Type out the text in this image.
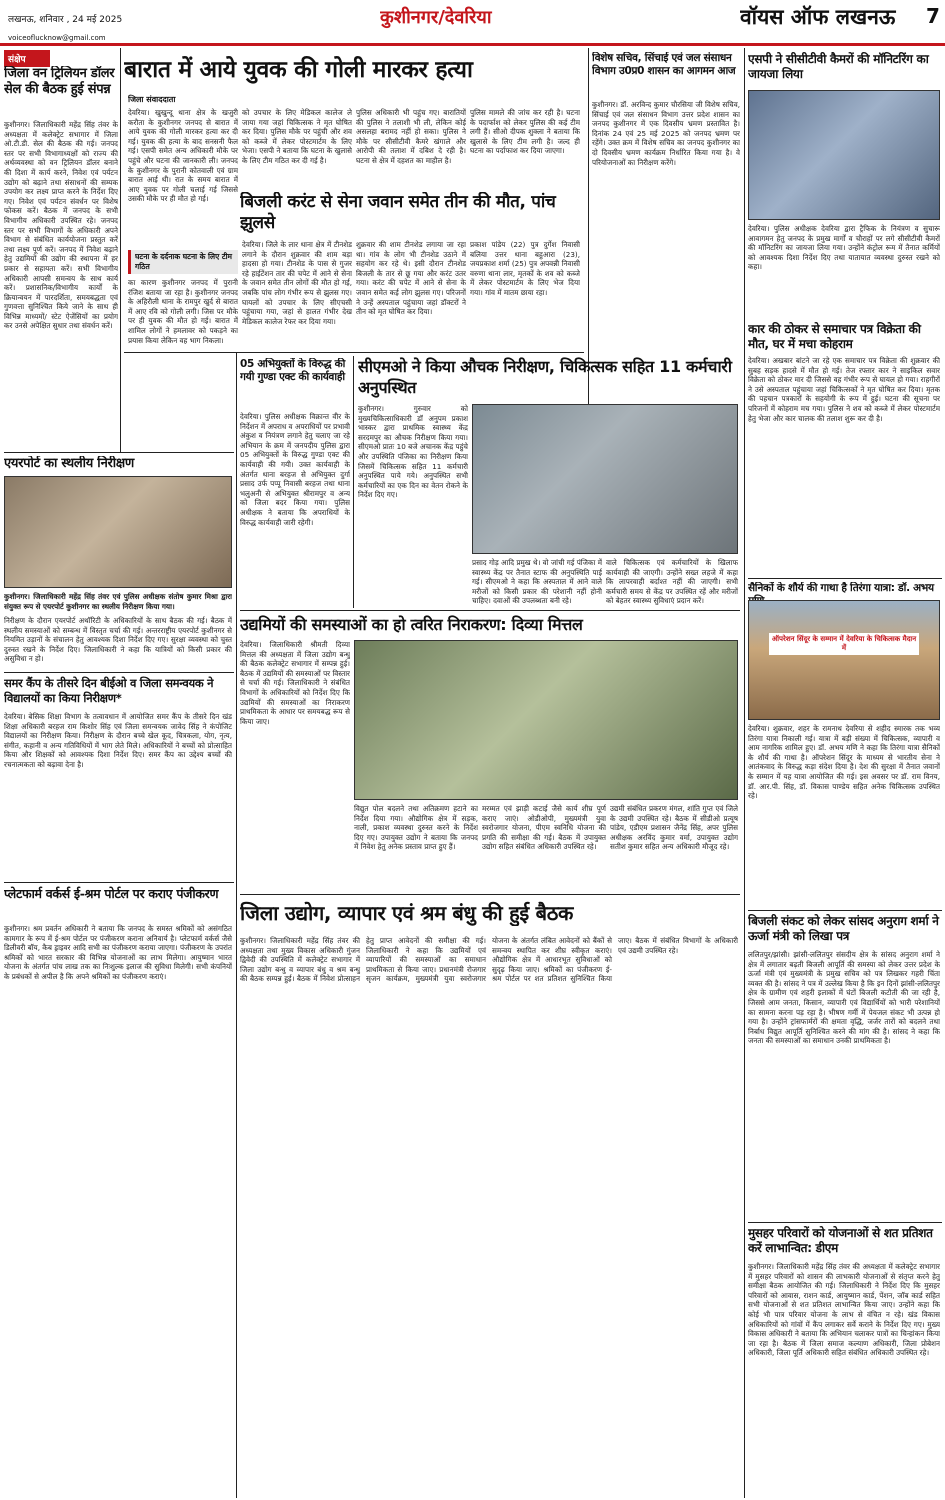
लखनऊ, शनिवार , 24 मई 2025	कुशीनगर/देवरिया	वॉयस ऑफ लखनऊ	7
voiceoflucknow@gmail.com
संक्षेप
जिला वन ट्रिलियन डॉलर सेल की बैठक हुई संपन्न
कुशीनगर। जिलाधिकारी महेंद्र सिंह तंवर के अध्यक्षता में कलेक्ट्रेट सभागार में जिला ओ.टी.डी. सेल की बैठक की गई। जनपद स्तर पर सभी विभागाध्यक्षों को राज्य की अर्थव्यवस्था को वन ट्रिलियन डॉलर बनाने की दिशा में कार्य करने, निवेश एवं पर्यटन उद्योग को बढ़ाने तथा संसाधनों की सम्यक उपयोग कर लक्ष्य प्राप्त करने के निर्देश दिए गए। निवेश एवं पर्यटन संवर्धन पर विशेष फोकस करें। बैठक में जनपद के सभी विभागीय अधिकारी उपस्थित रहे। जनपद स्तर पर सभी विभागों के अधिकारी अपने विभाग से संबंधित कार्ययोजना प्रस्तुत करें तथा लक्ष्य पूर्ण करें। जनपद में निवेश बढ़ाने हेतु उद्यमियों की उद्योग की स्थापना में हर प्रकार से सहायता करें। सभी विभागीय अधिकारी आपसी समन्वय के साथ कार्य करें। प्रशासनिक/विभागीय कार्यों के क्रियान्वयन में पारदर्शिता, समयबद्धता एवं गुणवत्ता सुनिश्चित किये जाने के साथ ही विभिन्न माध्यमों/ स्टेट ऐजेंसियों का प्रयोग कर उनसे अपेक्षित सुधार तथा संवर्धन करें।
बारात में आये युवक की गोली मारकर हत्या
जिला संवाददाता
देवरिया। खुखुन्दू थाना क्षेत्र के खजुरी करौता के कुशीनगर जनपद से बारात में आये युवक की गोली मारकर हत्या कर दी गई। युवक की हत्या के बाद सनसनी फैल गई। एसपी समेत अन्य अधिकारी मौके पर पहुंचे और घटना की जानकारी ली। जनपद के कुशीनगर के पुरानी कोतवाली एवं ग्राम बारात आई थी। रात के समय बारात में आए युवक पर गोली चलाई गई जिससे उसकी मौके पर ही मौत हो गई।
घटना के दर्दनाक घटना के लिए टीम गठित
का कारण कुशीनगर जनपद में पुरानी रंजिश बताया जा रहा है। कुशीनगर जनपद के अहिरौली थाना के रामपुर खुर्द से बारात में आए रवि को गोली लगी। जिस पर मौके पर ही युवक की मौत हो गई। बारात में शामिल लोगों ने हमलावर को पकड़ने का प्रयास किया लेकिन वह भाग निकला।
को उपचार के लिए मेडिकल कालेज ले जाया गया जहां चिकित्सक ने मृत घोषित कर दिया। पुलिस मौके पर पहुंची और शव को कब्जे में लेकर पोस्टमार्टम के लिए भेजा। एसपी ने बताया कि घटना के खुलासे के लिए टीम गठित कर दी गई है।
पुलिस अधिकारी भी पहुंच गए। बारातियों की पुलिस ने तलाशी भी ली, लेकिन कोई असलहा बरामद नहीं हो सका। पुलिस ने मौके पर सीसीटीवी कैमरे खंगाले और आरोपी की तलाश में दबिश दे रही है। घटना से क्षेत्र में दहशत का माहौल है।
पुलिस मामले की जांच कर रही है। घटना के पदार्फाश को लेकर पुलिस की कई टीम लगी हैं। सीओ दीपक शुक्ला ने बताया कि खुलासे के लिए टीम लगी है। जल्द ही घटना का पर्दाफाश कर दिया जाएगा।
बिजली करंट से सेना जवान समेत तीन की मौत, पांच झुलसे
देवरिया। जिले के लार थाना क्षेत्र में टीनशेड लगाने के दौरान शुक्रवार की शाम बड़ा हादसा हो गया। टीनशेड के पास से गुजर रहे हाईटेंशन तार की चपेट में आने से सेना के जवान समेत तीन लोगों की मौत हो गई, जबकि पांच लोग गंभीर रूप से झुलस गए। घायलों को उपचार के लिए सीएचसी पहुंचाया गया, जहां से हालत गंभीर देख मेडिकल कालेज रेफर कर दिया गया।
शुक्रवार की शाम टीनशेड लगाया जा रहा था। गांव के लोग भी टीनशेड उठाने में सहयोग कर रहे थे। इसी दौरान टीनशेड बिजली के तार से छू गया और करंट उतर गया। करंट की चपेट में आने से सेना के जवान समेत कई लोग झुलस गए। परिजनों ने उन्हें अस्पताल पहुंचाया जहां डॉक्टरों ने तीन को मृत घोषित कर दिया।
प्रकाश पांडेय (22) पुत्र दुर्गेश निवासी बलिया उत्तर थाना बहुआरा (23), जयप्रकाश शर्मा (25) पुत्र अपवन्नी निवासी वरुणा थाना लार, मृतकों के शव को कब्जे में लेकर पोस्टमार्टम के लिए भेज दिया गया। गांव में मातम छाया रहा।
विशेष सचिव, सिंचाई एवं जल संसाधन विभाग उ0प्र0 शासन का आगमन आज
कुशीनगर। डॉ. अरविन्द कुमार चौरसिया जी विशेष सचिव, सिंचाई एवं जल संसाधन विभाग उत्तर प्रदेश शासन का जनपद कुशीनगर में एक दिवसीय भ्रमण प्रस्तावित है। दिनांक 24 एवं 25 मई 2025 को जनपद भ्रमण पर रहेंगे। उक्त क्रम में विशेष सचिव का जनपद कुशीनगर का दो दिवसीय भ्रमण कार्यक्रम निर्धारित किया गया है। वे परियोजनाओं का निरीक्षण करेंगे।
एसपी ने सीसीटीवी कैमरों की मॉनिटरिंग का जायजा लिया
देवरिया। पुलिस अधीक्षक देवरिया द्वारा ट्रैफिक के नियंत्रण व सुचारू आवागमन हेतु जनपद के प्रमुख मार्गों व चौराहों पर लगे सीसीटीवी कैमरों की मॉनिटरिंग का जायजा लिया गया। उन्होंने कंट्रोल रूम में तैनात कर्मियों को आवश्यक दिशा निर्देश दिए तथा यातायात व्यवस्था दुरुस्त रखने को कहा।
कार की ठोकर से समाचार पत्र विक्रेता की मौत, घर में मचा कोहराम
देवरिया। अखबार बांटने जा रहे एक समाचार पत्र विक्रेता की शुक्रवार की सुबह सड़क हादसे में मौत हो गई। तेज रफ्तार कार ने साइकिल सवार विक्रेता को ठोकर मार दी जिससे वह गंभीर रूप से घायल हो गया। राहगीरों ने उसे अस्पताल पहुंचाया जहां चिकित्सकों ने मृत घोषित कर दिया। मृतक की पहचान पत्रकारों के सहयोगी के रूप में हुई। घटना की सूचना पर परिजनों में कोहराम मच गया। पुलिस ने शव को कब्जे में लेकर पोस्टमार्टम हेतु भेजा और कार चालक की तलाश शुरू कर दी है।
सैनिकों के शौर्य की गाथा है तिरंगा यात्रा: डॉ. अभय
ऑपरेशन सिंदूर के सम्मान में देवरिया के चिकित्सक मैदान में
देवरिया। शुक्रवार, शहर के रामनाथ देवरिया से शहीद स्मारक तक भव्य तिरंगा यात्रा निकाली गई। यात्रा में बड़ी संख्या में चिकित्सक, व्यापारी व आम नागरिक शामिल हुए। डॉ. अभय मणि ने कहा कि तिरंगा यात्रा सैनिकों के शौर्य की गाथा है। ऑपरेशन सिंदूर के माध्यम से भारतीय सेना ने आतंकवाद के विरुद्ध कड़ा संदेश दिया है। देश की सुरक्षा में तैनात जवानों के सम्मान में यह यात्रा आयोजित की गई। इस अवसर पर डॉ. राम विनय, डॉ. आर.पी. सिंह, डॉ. विकास पाण्डेय सहित अनेक चिकित्सक उपस्थित रहे।
बिजली संकट को लेकर सांसद अनुराग शर्मा ने ऊर्जा मंत्री को लिखा पत्र
ललितपुर/झांसी। झांसी-ललितपुर संसदीय क्षेत्र के सांसद अनुराग शर्मा ने क्षेत्र में लगातार बढ़ती बिजली आपूर्ति की समस्या को लेकर उत्तर प्रदेश के ऊर्जा मंत्री एवं मुख्यमंत्री के प्रमुख सचिव को पत्र लिखकर गहरी चिंता व्यक्त की है। सांसद ने पत्र में उल्लेख किया है कि इन दिनों झांसी-ललितपुर क्षेत्र के ग्रामीण एवं शहरी इलाकों में घंटों बिजली कटौती की जा रही है, जिससे आम जनता, किसान, व्यापारी एवं विद्यार्थियों को भारी परेशानियों का सामना करना पड़ रहा है। भीषण गर्मी में पेयजल संकट भी उत्पन्न हो गया है। उन्होंने ट्रांसफार्मरों की क्षमता वृद्धि, जर्जर तारों को बदलने तथा निर्बाध विद्युत आपूर्ति सुनिश्चित करने की मांग की है। सांसद ने कहा कि जनता की समस्याओं का समाधान उनकी प्राथमिकता है।
मुसहर परिवारों को योजनाओं से शत प्रतिशत करें लाभान्वित: डीएम
कुशीनगर। जिलाधिकारी महेंद्र सिंह तंवर की अध्यक्षता में कलेक्ट्रेट सभागार में मुसहर परिवारों को शासन की लाभकारी योजनाओं से संतृप्त करने हेतु समीक्षा बैठक आयोजित की गई। जिलाधिकारी ने निर्देश दिए कि मुसहर परिवारों को आवास, राशन कार्ड, आयुष्मान कार्ड, पेंशन, जॉब कार्ड सहित सभी योजनाओं से शत प्रतिशत लाभान्वित किया जाए। उन्होंने कहा कि कोई भी पात्र परिवार योजना के लाभ से वंचित न रहे। खंड विकास अधिकारियों को गांवों में कैंप लगाकर सर्वे कराने के निर्देश दिए गए। मुख्य विकास अधिकारी ने बताया कि अभियान चलाकर पात्रों का चिन्हांकन किया जा रहा है। बैठक में जिला समाज कल्याण अधिकारी, जिला प्रोबेशन अधिकारी, जिला पूर्ति अधिकारी सहित संबंधित अधिकारी उपस्थित रहे।
एयरपोर्ट का स्थलीय निरीक्षण
कुशीनगर। जिलाधिकारी महेंद्र सिंह तंवर एवं पुलिस अधीक्षक संतोष कुमार मिश्रा द्वारा संयुक्त रूप से एयरपोर्ट कुशीनगर का स्थलीय निरीक्षण किया गया।
निरीक्षण के दौरान एयरपोर्ट अथॉरिटी के अधिकारियों के साथ बैठक की गई। बैठक में स्थलीय समस्याओं को सम्बन्ध में विस्तृत चर्चा की गई। अन्तरराष्ट्रीय एयरपोर्ट कुशीनगर से नियमित उड़ानों के संचालन हेतु आवश्यक दिशा निर्देश दिए गए। सुरक्षा व्यवस्था को चुस्त दुरुस्त रखने के निर्देश दिए। जिलाधिकारी ने कहा कि यात्रियों को किसी प्रकार की असुविधा न हो।
समर कैंप के तीसरे दिन बीईओ व जिला समन्वयक ने विद्यालयों का किया निरीक्षण*
देवरिया। बेसिक शिक्षा विभाग के तत्वावधान में आयोजित समर कैंप के तीसरे दिन खंड शिक्षा अधिकारी बरहज राम किशोर सिंह एवं जिला समन्वयक जावेद सिंह ने कंपोजिट विद्यालयों का निरीक्षण किया। निरीक्षण के दौरान बच्चे खेल कूद, चित्रकला, योग, नृत्य, संगीत, कहानी व अन्य गतिविधियों में भाग लेते मिले। अधिकारियों ने बच्चों को प्रोत्साहित किया और शिक्षकों को आवश्यक दिशा निर्देश दिए। समर कैंप का उद्देश्य बच्चों की रचनात्मकता को बढ़ावा देना है।
प्लेटफार्म वर्कर्स ई-श्रम पोर्टल पर कराए पंजीकरण
कुशीनगर। श्रम प्रवर्तन अधिकारी ने बताया कि जनपद के समस्त श्रमिकों को असंगठित कामगार के रूप में ई-श्रम पोर्टल पर पंजीकरण कराना अनिवार्य है। प्लेटफार्म वर्कर्स जैसे डिलीवरी बॉय, कैब ड्राइवर आदि सभी का पंजीकरण कराया जाएगा। पंजीकरण के उपरांत श्रमिकों को भारत सरकार की विभिन्न योजनाओं का लाभ मिलेगा। आयुष्मान भारत योजना के अंतर्गत पांच लाख तक का निःशुल्क इलाज की सुविधा मिलेगी। सभी कंपनियों के प्रबंधकों से अपील है कि अपने श्रमिकों का पंजीकरण कराएं।
05 अभियुक्तों के विरुद्ध की गयी गुण्डा एक्ट की कार्यवाही
देवरिया। पुलिस अधीक्षक विक्रान्त वीर के निर्देशन में अपराध व अपराधियों पर प्रभावी अंकुश व नियंत्रण लगाने हेतु चलाए जा रहे अभियान के क्रम में जनपदीय पुलिस द्वारा 05 अभियुक्तों के विरुद्ध गुण्डा एक्ट की कार्यवाही की गयी। उक्त कार्यवाही के अंतर्गत थाना बरहज से अभियुक्त दुर्गा प्रसाद उर्फ पप्पू निवासी बरहज तथा थाना भलुअनी से अभियुक्त श्रीरामपुर व अन्य को जिला बदर किया गया। पुलिस अधीक्षक ने बताया कि अपराधियों के विरुद्ध कार्यवाही जारी रहेगी।
सीएमओ ने किया औचक निरीक्षण, चिकित्सक सहित 11 कर्मचारी अनुपस्थित
कुशीनगर। गुरुवार को मुख्यचिकित्साधिकारी डॉ अनुपम प्रकाश भास्कर द्वारा प्राथमिक स्वास्थ्य केंद्र सरदमपुर का औचक निरीक्षण किया गया। सीएमओ प्रातः 10 बजे अचानक केंद्र पहुंचे और उपस्थिति पंजिका का निरीक्षण किया जिसमें चिकित्सक सहित 11 कर्मचारी अनुपस्थित पाये गये। अनुपस्थित सभी कर्मचारियों का एक दिन का वेतन रोकने के निर्देश दिए गए।
प्रसाद गोड़ आदि प्रमुख थे। वो जांची गई पंजिका में स्वास्थ्य केंद्र पर तैनात स्टाफ की अनुपस्थिति पाई गई। सीएमओ ने कहा कि अस्पताल में आने वाले मरीजों को किसी प्रकार की परेशानी नहीं होनी चाहिए। दवाओं की उपलब्धता बनी रहे।
वाले चिकित्सक एवं कर्मचारियों के खिलाफ कार्यवाही की जाएगी। उन्होंने सख्त लहजे में कहा कि लापरवाही बर्दाश्त नहीं की जाएगी। सभी कर्मचारी समय से केंद्र पर उपस्थित रहें और मरीजों को बेहतर स्वास्थ्य सुविधाएं प्रदान करें।
उद्यमियों की समस्याओं का हो त्वरित निराकरण: दिव्या मित्तल
देवरिया। जिलाधिकारी श्रीमती दिव्या मित्तल की अध्यक्षता में जिला उद्योग बन्धु की बैठक कलेक्ट्रेट सभागार में सम्पन्न हुई। बैठक में उद्यमियों की समस्याओं पर विस्तार से चर्चा की गई। जिलाधिकारी ने संबंधित विभागों के अधिकारियों को निर्देश दिए कि उद्यमियों की समस्याओं का निराकरण प्राथमिकता के आधार पर समयबद्ध रूप से किया जाए।
विद्युत पोल बदलने तथा अतिक्रमण हटाने का निर्देश दिया गया। औद्योगिक क्षेत्र में सड़क, नाली, प्रकाश व्यवस्था दुरुस्त करने के निर्देश दिए गए। उपायुक्त उद्योग ने बताया कि जनपद में निवेश हेतु अनेक प्रस्ताव प्राप्त हुए हैं।
मरम्मत एवं झाड़ी कटाई जैसे कार्य शीघ्र पूर्ण कराए जाएं। ओडीओपी, मुख्यमंत्री युवा स्वरोजगार योजना, पीएम स्वनिधि योजना की प्रगति की समीक्षा की गई। बैठक में उपायुक्त उद्योग सहित संबंधित अधिकारी उपस्थित रहे।
उद्यमी संबंधित प्रकरण मंगल, शांति गुप्त एवं जिले के उद्यमी उपस्थित रहे। बैठक में सीडीओ प्रत्यूष पांडेय, एडीएम प्रशासन जैनेंद्र सिंह, अपर पुलिस अधीक्षक अरविंद कुमार वर्मा, उपायुक्त उद्योग सतीश कुमार सहित अन्य अधिकारी मौजूद रहे।
जिला उद्योग, व्यापार एवं श्रम बंधु की हुई बैठक
कुशीनगर। जिलाधिकारी महेंद्र सिंह तंवर की अध्यक्षता तथा मुख्य विकास अधिकारी गुंजन द्विवेदी की उपस्थिति में कलेक्ट्रेट सभागार में जिला उद्योग बन्धु व व्यापार बंधु व श्रम बन्धु की बैठक सम्पन्न हुई। बैठक में निवेश प्रोत्साहन हेतु प्राप्त आवेदनों की समीक्षा की गई। जिलाधिकारी ने कहा कि उद्यमियों एवं व्यापारियों की समस्याओं का समाधान प्राथमिकता से किया जाए। प्रधानमंत्री रोजगार सृजन कार्यक्रम, मुख्यमंत्री युवा स्वरोजगार योजना के अंतर्गत लंबित आवेदनों को बैंकों से समन्वय स्थापित कर शीघ्र स्वीकृत कराएं। औद्योगिक क्षेत्र में आधारभूत सुविधाओं को सुदृढ़ किया जाए। श्रमिकों का पंजीकरण ई-श्रम पोर्टल पर शत प्रतिशत सुनिश्चित किया जाए। बैठक में संबंधित विभागों के अधिकारी एवं उद्यमी उपस्थित रहे।
